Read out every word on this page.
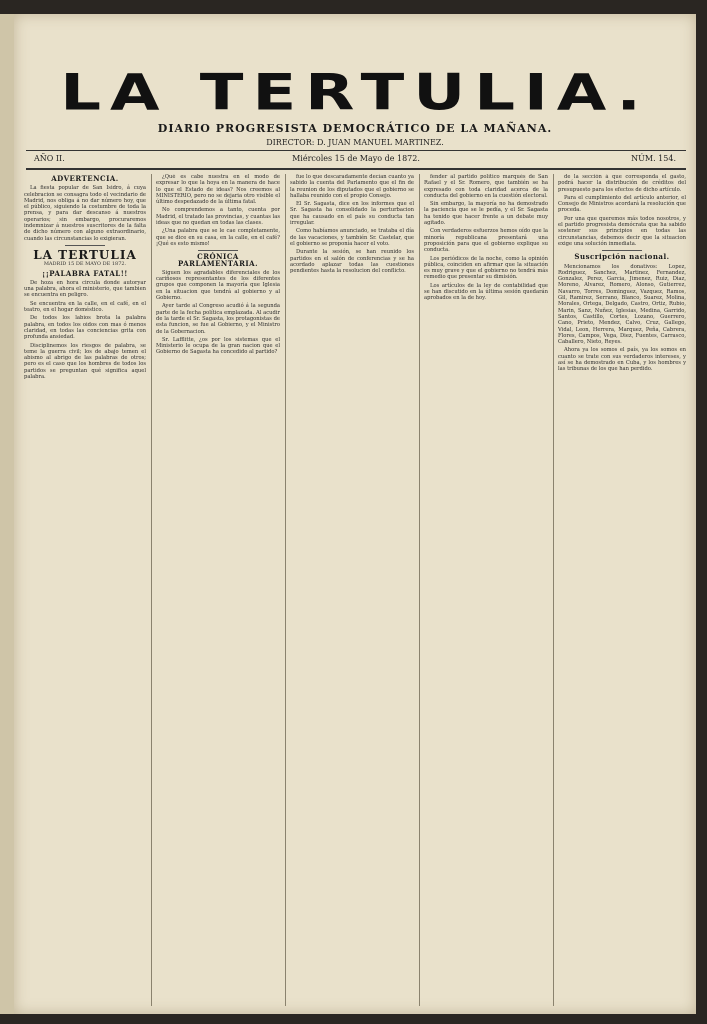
LA TERTULIA.
DIARIO PROGRESISTA DEMOCRÁTICO DE LA MAÑANA.
DIRECTOR: D. JUAN MANUEL MARTINEZ.
AÑO II.	Miércoles 15 de Mayo de 1872.	NÚM. 154.
ADVERTENCIA.

La fiesta popular de San Isidro, á cuya celebracion se consagra todo el vecindario de Madrid, nos obliga á no dar número hoy, que el público, siguiendo la costumbre de toda la prensa, y para dar descanso á nuestros operarios; sin embargo, procuraremos indemnizar á nuestros suscritores de la falta de dicho número con alguno extraordinario, cuando las circunstancias lo exigieran.

LA TERTULIA
MADRID 15 DE MAYO DE 1872.
¡¡PALABRA FATAL!!

De hoza en hora circula donde autoryar una palabra, ahora el ministerio, que tambien se encuentra en peligro.

Se encuentra en la calle, en el café, en el teatro, en el hogar doméstico.

De todos los labios brota la palabra palabra, en todos los oidos con mas ó menos claridad, en todas las conciencias grita con profunda ansiedad.

Disciplinemos los riesgos de palabra, se teme la guerra civil; los de abajo temen el abismo al abrigo de las palabras de otros; pero es el caso que los hombres de todos los partidos se preguntan qué significa aquel palabra.

¿Qué es cabe nuestra en el modo de expresar lo que la hoya en la manera de hace lo que el Estado de ideas? Nos creemos al MINISTERIO, pero no se dejaria otro visible el último despedazado de la última fatal.

No comprendemos a tanto, cuenta por Madrid, el tratado las provincias, y cuantas las ideas que no quedan en todas las clases.

¿Una palabra que se le cae completamente, que se dice en su casa, en la calle, en el café? ¡Qué es esto mismo!

CRÓNICA PARLAMENTARIA.

Siguen los agradables diferenciales de los cariñosos representantes de los diferentes grupos que componen la mayoría que Iglesia en la situacion que tendrá al gobierno y al Gobierno.

Ayer tarde al Congreso acudió á la segunda parte de la fecha política emplazada. Al acudir de la tarde el Sr. Sagasta, los protagonistas de esta funcion, se fue al Gobierno, y el Ministro de la Gobernacion.

Sr. Lafflitte, ¿os por los sistemas que el Ministerio le ocupa de la gran nacion que el Gobierno de Sagasta ha concedido al partido?

fue lo que descaradamente decían cuanto ya sabido la cuenta del Parlamento que el fin de la reunion de los diputados que el gobierno se hallaba reunido con el propio Consejo.

El Sr. Sagasta, dice en los informes que el Sr. Sagasta ha consolidado la perturbacion que ha causado en el país su conducta tan irregular.

Como habíamos anunciado, se trataba el día de las vacaciones, y también Sr. Castelar, que el gobierno se proponía hacer el voto.

Durante la sesión, se han reunido los partidos en el salón de conferencias y se ha acordado aplazar todas las cuestiones pendientes hasta la resolucion del conflicto.

fender al partido político marqués de San Rafael y el Sr. Romero, que también se ha expresado con toda claridad acerca de la conducta del gobierno en la cuestión electoral.

Sin embargo, la mayoría no ha demostrado la paciencia que se le pedía, y el Sr. Sagasta ha tenido que hacer frente a un debate muy agitado.

Con verdaderos esfuerzos hemos oído que la minoría republicana presentará una proposición para que el gobierno explique su conducta.

Los periódicos de la noche, como la opinión pública, coinciden en afirmar que la situación es muy grave y que el gobierno no tendrá más remedio que presentar su dimisión.

Los artículos de la ley de contabilidad que se han discutido en la última sesión quedarán aprobados en la de hoy.

de la sección á que corresponda el gasto, podrá hacer la distribución de créditos del presupuesto para los efectos de dicho artículo.

Para el cumplimiento del artículo anterior, el Consejo de Ministros acordará la resolución que proceda.

Por una que queremos más todos nosotros, y el partido progresista demócrata que ha sabido sostener sus principios en todas las circunstancias, debemos decir que la situacion exige una solución inmediata.

Suscripción nacional.

Mencionamos los donativos: Lopez, Rodriguez, Sanchez, Martinez, Fernandez, Gonzalez, Perez, Garcia, Jimenez, Ruiz, Diaz, Moreno, Alvarez, Romero, Alonso, Gutierrez, Navarro, Torres, Dominguez, Vazquez, Ramos, Gil, Ramirez, Serrano, Blanco, Suarez, Molina, Morales, Ortega, Delgado, Castro, Ortiz, Rubio, Marin, Sanz, Nuñez, Iglesias, Medina, Garrido, Santos, Castillo, Cortes, Lozano, Guerrero, Cano, Prieto, Mendez, Calvo, Cruz, Gallego, Vidal, Leon, Herrera, Marquez, Peña, Cabrera, Flores, Campos, Vega, Diez, Fuentes, Carrasco, Caballero, Nieto, Reyes.

Ahora ya los somos el país, ya los somos en cuanto se trate con sus verdaderos intereses, y así se ha demostrado en Cuba, y los hombres y las tribunas de los que han perdido.
